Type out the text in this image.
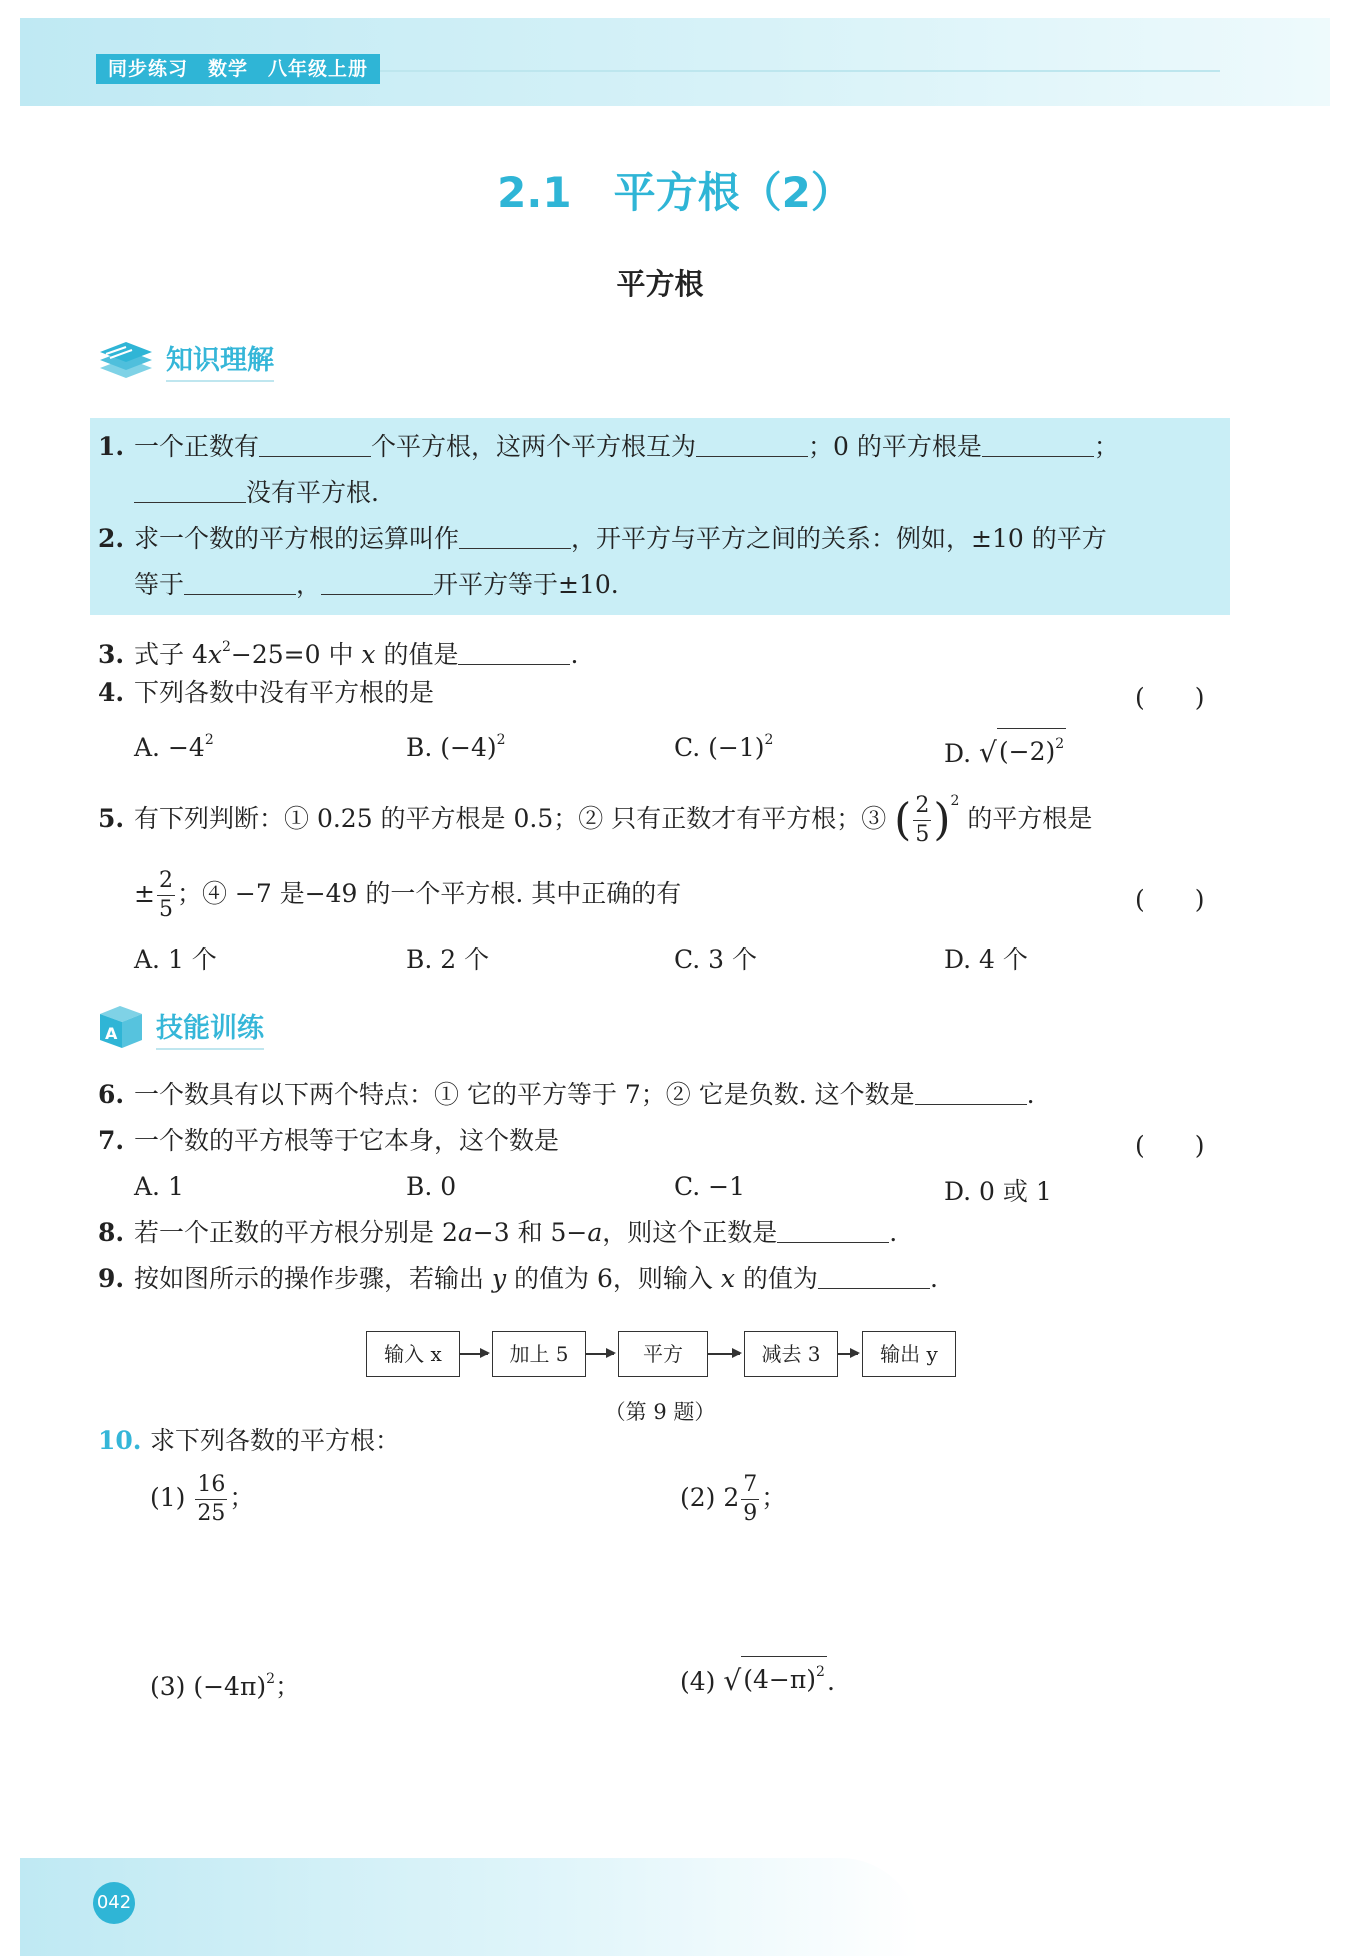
同步练习　数学　八年级上册
2.1　平方根（2）
平方根
知识理解
1. 一个正数有	个平方根，这两个平方根互为	；0 的平方根是	；
没有平方根.
2. 求一个数的平方根的运算叫作	，开平方与平方之间的关系：例如，±10 的平方
等于	，	开平方等于±10.
3. 式子 $4x^2-25=0$ 中 x 的值是	.
4. 下列各数中没有平方根的是	(　　)
A. $-4^2$	B. $(-4)^2$	C. $(-1)^2$	D. √ $(-2)^2$
5. 有下列判断：① 0.25 的平方根是 0.5；② 只有正数才有平方根；③ ( $\frac{2}{5} )^2$ 的平方根是
± $\frac{2}{5}$ ；④ −7 是−49 的一个平方根. 其中正确的有	(　　)
A. 1 个	B. 2 个	C. 3 个	D. 4 个
A 技能训练
6. 一个数具有以下两个特点：① 它的平方等于 7；② 它是负数. 这个数是	.
7. 一个数的平方根等于它本身，这个数是	(　　)
A. 1	B. 0	C. −1	D. 0 或 1
8. 若一个正数的平方根分别是 2a−3 和 5−a，则这个正数是	.
9. 按如图所示的操作步骤，若输出 y 的值为 6，则输入 x 的值为	.
输入 x	加上 5	平方	减去 3	输出 y
（第 9 题）
10. 求下列各数的平方根：
$(1) \frac{16}{25}$ ；	(2) $2 \frac{7}{9}$ ；
(3) $(-4\pi)^2$；	(4) √ $(4-\pi)^2$ .
042
